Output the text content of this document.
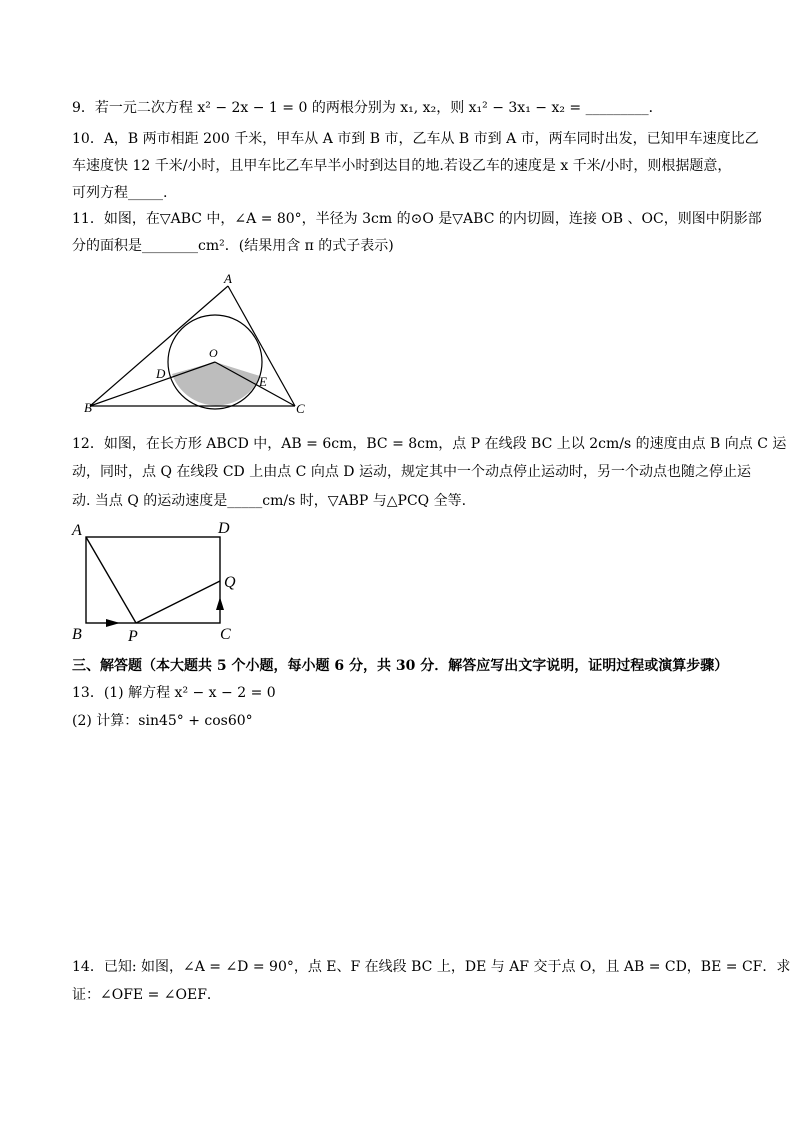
9．若一元二次方程 x² − 2x − 1 = 0 的两根分别为 x₁, x₂，则 x₁² − 3x₁ − x₂ = _________．
10．A，B 两市相距 200 千米，甲车从 A 市到 B 市，乙车从 B 市到 A 市，两车同时出发，已知甲车速度比乙
车速度快 12 千米/小时，且甲车比乙车早半小时到达目的地.若设乙车的速度是 x 千米/小时，则根据题意，
可列方程_____.
11．如图，在▽ABC 中，∠A = 80°，半径为 3cm 的⊙O 是▽ABC 的内切圆，连接 OB 、OC，则图中阴影部
分的面积是________cm²．(结果用含 π 的式子表示)
A
O
D
E
B	C
12．如图，在长方形 ABCD 中，AB = 6cm，BC = 8cm，点 P 在线段 BC 上以 2cm/s 的速度由点 B 向点 C 运
动，同时，点 Q 在线段 CD 上由点 C 向点 D 运动，规定其中一个动点停止运动时，另一个动点也随之停止运
动. 当点 Q 的运动速度是_____cm/s 时，▽ABP 与△PCQ 全等.
A	D
Q
B	P	C
三、解答题（本大题共 5 个小题，每小题 6 分，共 30 分．解答应写出文字说明，证明过程或演算步骤）
13．(1) 解方程 x² − x − 2 = 0
(2) 计算：sin45° + cos60°
14．已知: 如图，∠A = ∠D = 90°，点 E、F 在线段 BC 上，DE 与 AF 交于点 O，且 AB = CD，BE = CF．求
证：∠OFE = ∠OEF．
